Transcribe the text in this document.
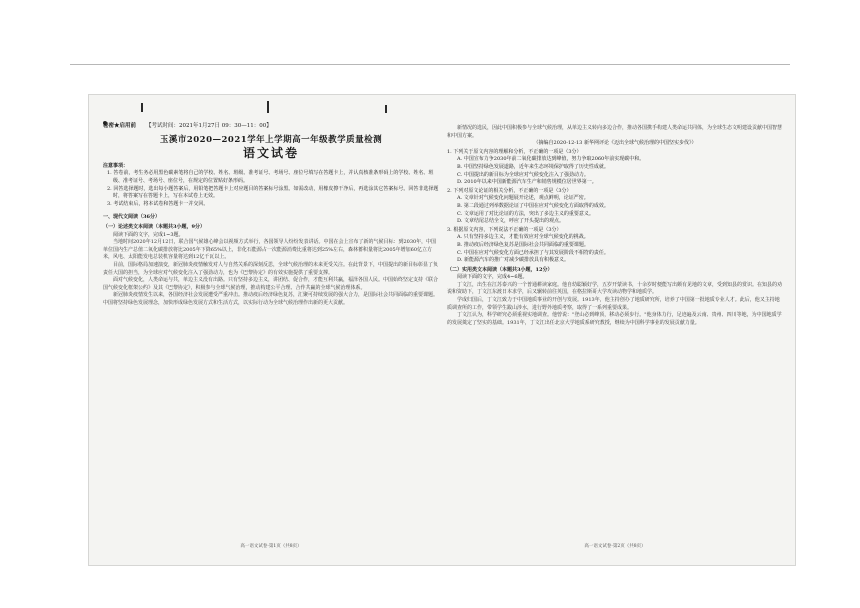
秘密★启用前 【考试时间：2021年1月27日 09：30—11：00】
玉溪市2020—2021学年上学期高一年级教学质量检测
语文试卷
注意事项：
1. 答卷前，考生务必用黑色碳素笔将自己的学校、姓名、班级、准考证号、考场号、座位号填写在答题卡上，并认真核准条形码上的学校、姓名、班级、准考证号、考场号、座位号，在规定的位置贴好条形码。
2. 回答选择题时，选出每小题答案后，用铅笔把答题卡上对应题目的答案标号涂黑。如需改动，用橡皮擦干净后，再选涂其它答案标号。回答非选择题时，将答案写在答题卡上，写在本试卷上无效。
3. 考试结束后，将本试卷和答题卡一并交回。
一、现代文阅读（36分）
（一）论述类文本阅读（本题共3小题，9分）
阅读下面的文字，完成1~3题。

当地时间2020年12月12日，联合国气候雄心峰会以视频方式举行，各国领导人纷纷发表讲话。中国在会上宣布了新的气候目标：到2030年，中国单位国内生产总值二氧化碳排放将比2005年下降65%以上，非化石能源占一次能源消费比重将达到25%左右，森林蓄积量将比2005年增加60亿立方米，风电、太阳能发电总装机容量将达到12亿千瓦以上。

目前，国际格局加速演变，新冠肺炎疫情触发对人与自然关系的深刻反思，全球气候治理的未来更受关注。在此背景下，中国提出的新目标彰显了负责任大国的担当，为全球应对气候变化注入了强劲动力，也为《巴黎协定》的有效实施提供了重要支撑。

面对气候变化，人类命运与共，单边主义没有出路。只有坚持多边主义，讲团结、促合作，才能互利共赢，福泽各国人民。中国始终坚定支持《联合国气候变化框架公约》及其《巴黎协定》，积极参与全球气候治理，推动构建公平合理、合作共赢的全球气候治理体系。

新冠肺炎疫情发生以来，各国经济社会发展遭受严重冲击。推动疫后经济绿色复苏，汇聚可持续发展的强大合力，是国际社会共同面临的重要课题。中国将坚持绿色发展理念，加快形成绿色发展方式和生活方式，以实际行动为全球气候治理作出新的更大贡献。

高一语文试卷·第1页（共8页）

新情况的选民，因此中国积极参与全球气候治理，从单边主义转向多边合作，推动各国携手构建人类命运共同体，为全球生态文明建设贡献中国智慧和中国方案。

（摘编自2020-12-13 新华网评论《迈出全球气候治理的中国坚实步伐》）
1. 下列关于原文内容的理解和分析，不正确的一项是（3分）
A. 中国宣布力争2030年前二氧化碳排放达到峰值，努力争取2060年前实现碳中和。
B. 中国坚持绿色发展道路，近年来生态环境保护取得了历史性成就。
C. 中国提出的新目标为全球应对气候变化注入了强劲动力。
D. 2010年以来中国新能源汽车生产和销售规模位居世界第一。
2. 下列对原文论证的相关分析，不正确的一项是（3分）
A. 文章针对气候变化问题展开论述，观点鲜明，论证严密。
B. 第二段通过列举数据论证了中国在应对气候变化方面取得的成效。
C. 文章运用了对比论证的方法，突出了多边主义的重要意义。
D. 文章结尾总结全文，呼应了开头提出的观点。
3. 根据原文内容，下列说法不正确的一项是（3分）
A. 只有坚持多边主义，才能有效应对全球气候变化的挑战。
B. 推动疫后经济绿色复苏是国际社会共同面临的重要课题。
C. 中国在应对气候变化方面已经承担了与其发展阶段不相符的责任。
D. 新能源汽车的推广对减少碳排放具有积极意义。
（二）实用类文本阅读（本题共3小题，12分）
阅读下面的文字，完成4~6题。

丁文江，出生在江苏泰兴的一个普通耕读家庭。他自幼聪颖好学，五岁开蒙读书，十余岁时便能写出颇有见地的文章，受到知县的赏识。在知县的劝说和资助下，丁文江东渡日本求学，后又辗转前往英国，在格拉斯哥大学攻读动物学和地质学。

学成归国后，丁文江致力于中国地质事业的开创与发展。1913年，他主持创办了地质研究所，培养了中国第一批地质专业人才。此后，他又主持地质调查所的工作，带领学生跋山涉水，进行野外地质考察，取得了一系列重要成果。

丁文江认为，科学研究必须重视实地调查。他曾说："登山必到峰顶，移动必须步行。"他身体力行，足迹遍及云南、贵州、四川等地，为中国地质学的发展奠定了坚实的基础。1931年，丁文江出任北京大学地质系研究教授，继续为中国科学事业的发展贡献力量。

高一语文试卷·第2页（共8页）
